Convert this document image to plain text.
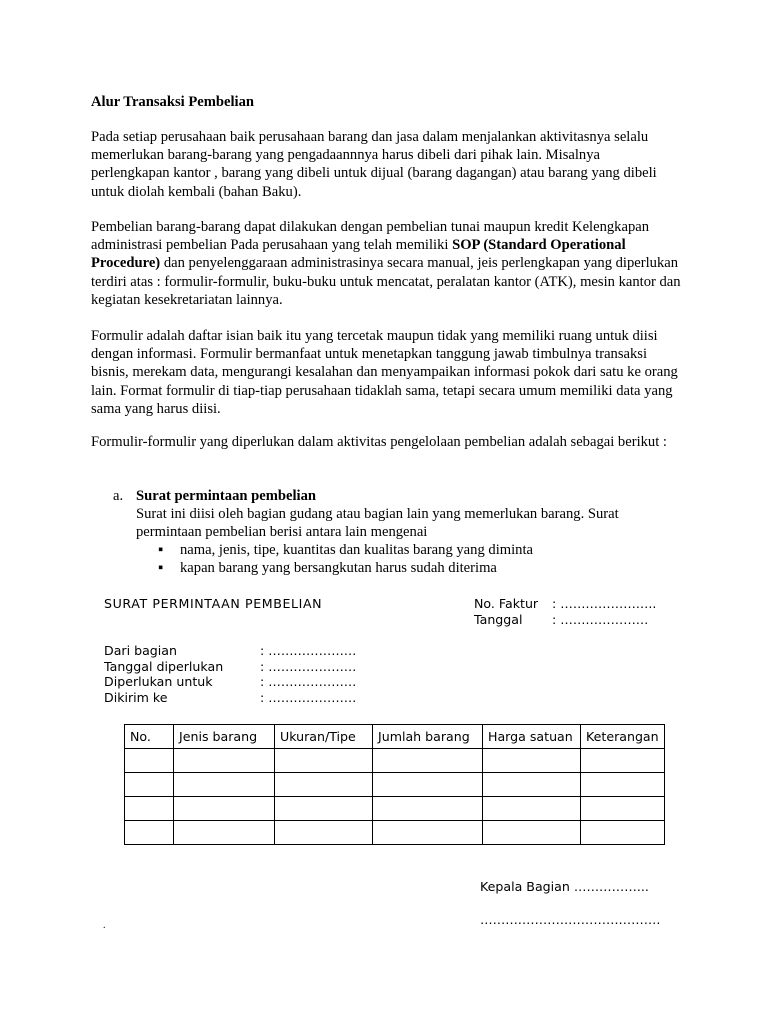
Alur Transaksi Pembelian
Pada setiap perusahaan baik perusahaan barang dan jasa dalam menjalankan aktivitasnya selalu memerlukan barang-barang yang pengadaannnya harus dibeli dari pihak lain. Misalnya perlengkapan kantor , barang yang dibeli untuk dijual (barang dagangan) atau barang yang dibeli untuk diolah kembali (bahan Baku).
Pembelian barang-barang dapat dilakukan dengan pembelian tunai maupun kredit Kelengkapan administrasi pembelian Pada perusahaan yang telah memiliki SOP (Standard Operational Procedure) dan penyelenggaraan administrasinya secara manual, jeis perlengkapan yang diperlukan terdiri atas : formulir-formulir, buku-buku untuk mencatat, peralatan kantor (ATK), mesin kantor dan kegiatan kesekretariatan lainnya.
Formulir adalah daftar isian baik itu yang tercetak maupun tidak yang memiliki ruang untuk diisi dengan informasi. Formulir bermanfaat untuk menetapkan tanggung jawab timbulnya transaksi bisnis, merekam data, mengurangi kesalahan dan menyampaikan informasi pokok dari satu ke orang lain. Format formulir di tiap-tiap perusahaan tidaklah sama, tetapi secara umum memiliki data yang sama yang harus diisi.
Formulir-formulir yang diperlukan dalam aktivitas pengelolaan pembelian adalah sebagai berikut :
a. Surat permintaan pembelian
Surat ini diisi oleh bagian gudang atau bagian lain yang memerlukan barang. Surat permintaan pembelian berisi antara lain mengenai
▪ nama, jenis, tipe, kuantitas dan kualitas barang yang diminta
▪ kapan barang yang bersangkutan harus sudah diterima
SURAT PERMINTAAN PEMBELIAN	No. Faktur : …………………..
Tanggal : …………………
Dari bagian	: …………………
Tanggal diperlukan	: …………………
Diperlukan untuk	: …………………
Dikirim ke	: …………………
No.	Jenis barang	Ukuran/Tipe	Jumlah barang	Harga satuan	Keterangan

Kepala Bagian ……………...
…………………………………….
.
